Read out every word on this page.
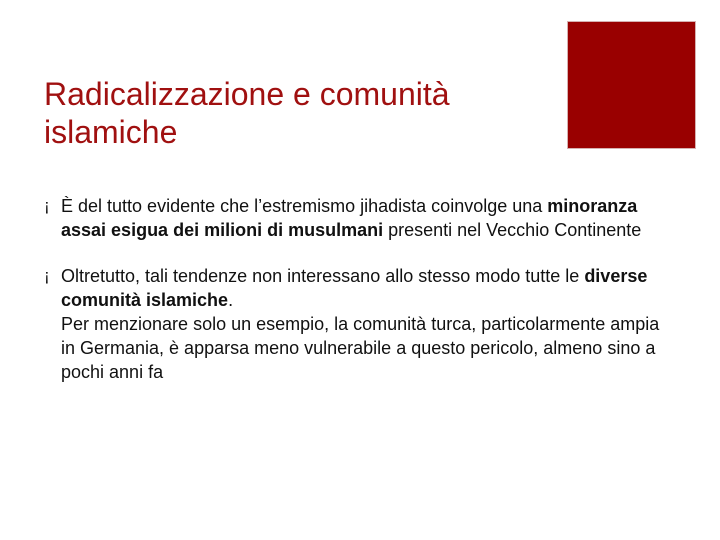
Radicalizzazione e comunità islamiche
¡ È del tutto evidente che l’estremismo jihadista coinvolge una minoranza assai esigua dei milioni di musulmani presenti nel Vecchio Continente
¡ Oltretutto, tali tendenze non interessano allo stesso modo tutte le diverse comunità islamiche.
Per menzionare solo un esempio, la comunità turca, particolarmente ampia in Germania, è apparsa meno vulnerabile a questo pericolo, almeno sino a pochi anni fa
